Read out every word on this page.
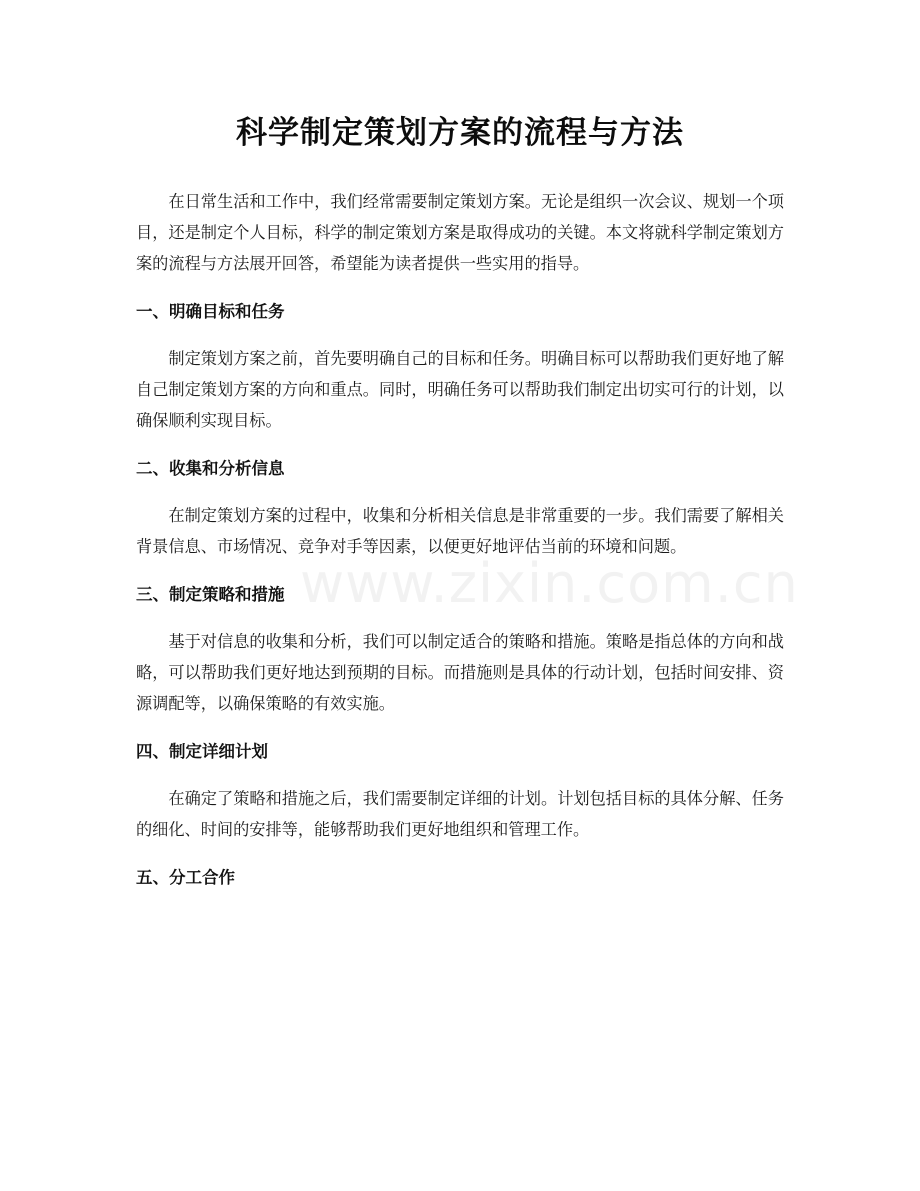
科学制定策划方案的流程与方法

在日常生活和工作中，我们经常需要制定策划方案。无论是组织一次会议、规划一个项目，还是制定个人目标，科学的制定策划方案是取得成功的关键。本文将就科学制定策划方案的流程与方法展开回答，希望能为读者提供一些实用的指导。

一、明确目标和任务

制定策划方案之前，首先要明确自己的目标和任务。明确目标可以帮助我们更好地了解自己制定策划方案的方向和重点。同时，明确任务可以帮助我们制定出切实可行的计划，以确保顺利实现目标。

二、收集和分析信息

在制定策划方案的过程中，收集和分析相关信息是非常重要的一步。我们需要了解相关背景信息、市场情况、竞争对手等因素，以便更好地评估当前的环境和问题。

三、制定策略和措施

基于对信息的收集和分析，我们可以制定适合的策略和措施。策略是指总体的方向和战略，可以帮助我们更好地达到预期的目标。而措施则是具体的行动计划，包括时间安排、资源调配等，以确保策略的有效实施。

四、制定详细计划

在确定了策略和措施之后，我们需要制定详细的计划。计划包括目标的具体分解、任务的细化、时间的安排等，能够帮助我们更好地组织和管理工作。

五、分工合作
www.zixin.com.cn
